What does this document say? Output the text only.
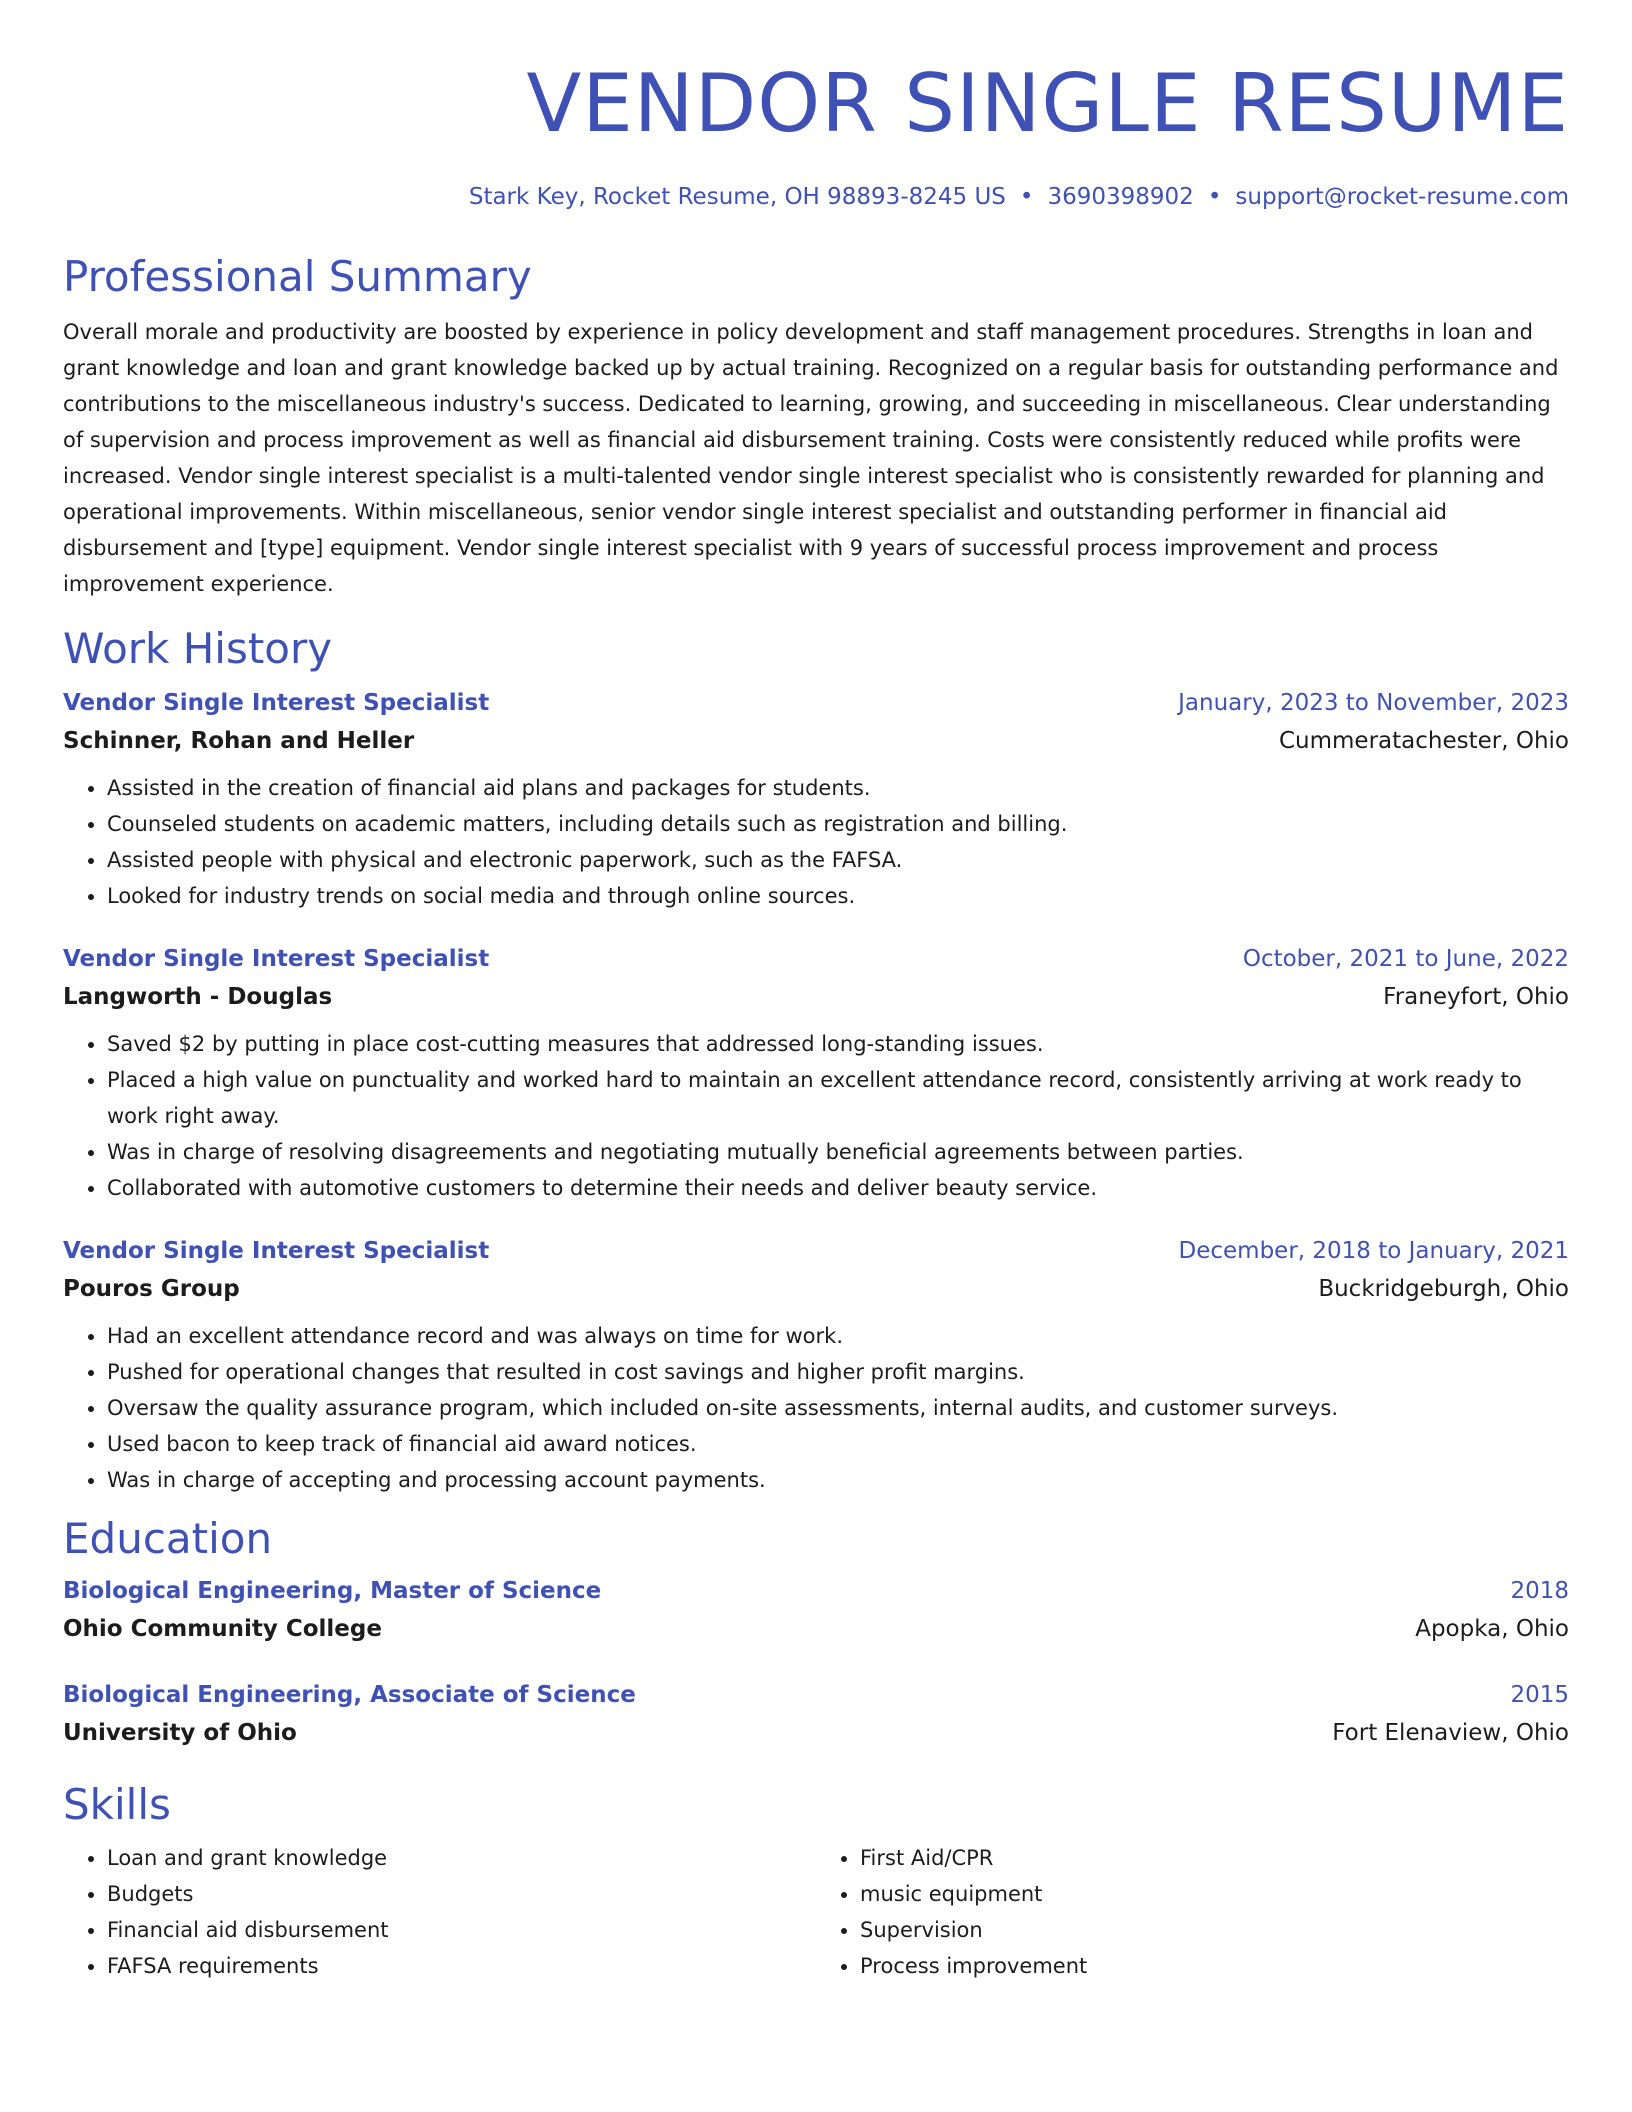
VENDOR SINGLE RESUME
Stark Key, Rocket Resume, OH 98893-8245 US • 3690398902 • support@rocket-resume.com
Professional Summary

Overall morale and productivity are boosted by experience in policy development and staff management procedures. Strengths in loan and grant knowledge and loan and grant knowledge backed up by actual training. Recognized on a regular basis for outstanding performance and contributions to the miscellaneous industry's success. Dedicated to learning, growing, and succeeding in miscellaneous. Clear understanding of supervision and process improvement as well as financial aid disbursement training. Costs were consistently reduced while profits were increased. Vendor single interest specialist is a multi-talented vendor single interest specialist who is consistently rewarded for planning and operational improvements. Within miscellaneous, senior vendor single interest specialist and outstanding performer in financial aid disbursement and [type] equipment. Vendor single interest specialist with 9 years of successful process improvement and process improvement experience.

Work History
Vendor Single Interest Specialist	January, 2023 to November, 2023
Schinner, Rohan and Heller	Cummeratachester, Ohio
• Assisted in the creation of financial aid plans and packages for students.
• Counseled students on academic matters, including details such as registration and billing.
• Assisted people with physical and electronic paperwork, such as the FAFSA.
• Looked for industry trends on social media and through online sources.
Vendor Single Interest Specialist	October, 2021 to June, 2022
Langworth - Douglas	Franeyfort, Ohio
• Saved $2 by putting in place cost-cutting measures that addressed long-standing issues.
• Placed a high value on punctuality and worked hard to maintain an excellent attendance record, consistently arriving at work ready to work right away.
• Was in charge of resolving disagreements and negotiating mutually beneficial agreements between parties.
• Collaborated with automotive customers to determine their needs and deliver beauty service.
Vendor Single Interest Specialist	December, 2018 to January, 2021
Pouros Group	Buckridgeburgh, Ohio
• Had an excellent attendance record and was always on time for work.
• Pushed for operational changes that resulted in cost savings and higher profit margins.
• Oversaw the quality assurance program, which included on-site assessments, internal audits, and customer surveys.
• Used bacon to keep track of financial aid award notices.
• Was in charge of accepting and processing account payments.
Education
Biological Engineering, Master of Science	2018
Ohio Community College	Apopka, Ohio
Biological Engineering, Associate of Science	2015
University of Ohio	Fort Elenaview, Ohio
Skills
• Loan and grant knowledge
• Budgets
• Financial aid disbursement
• FAFSA requirements
• First Aid/CPR
• music equipment
• Supervision
• Process improvement
